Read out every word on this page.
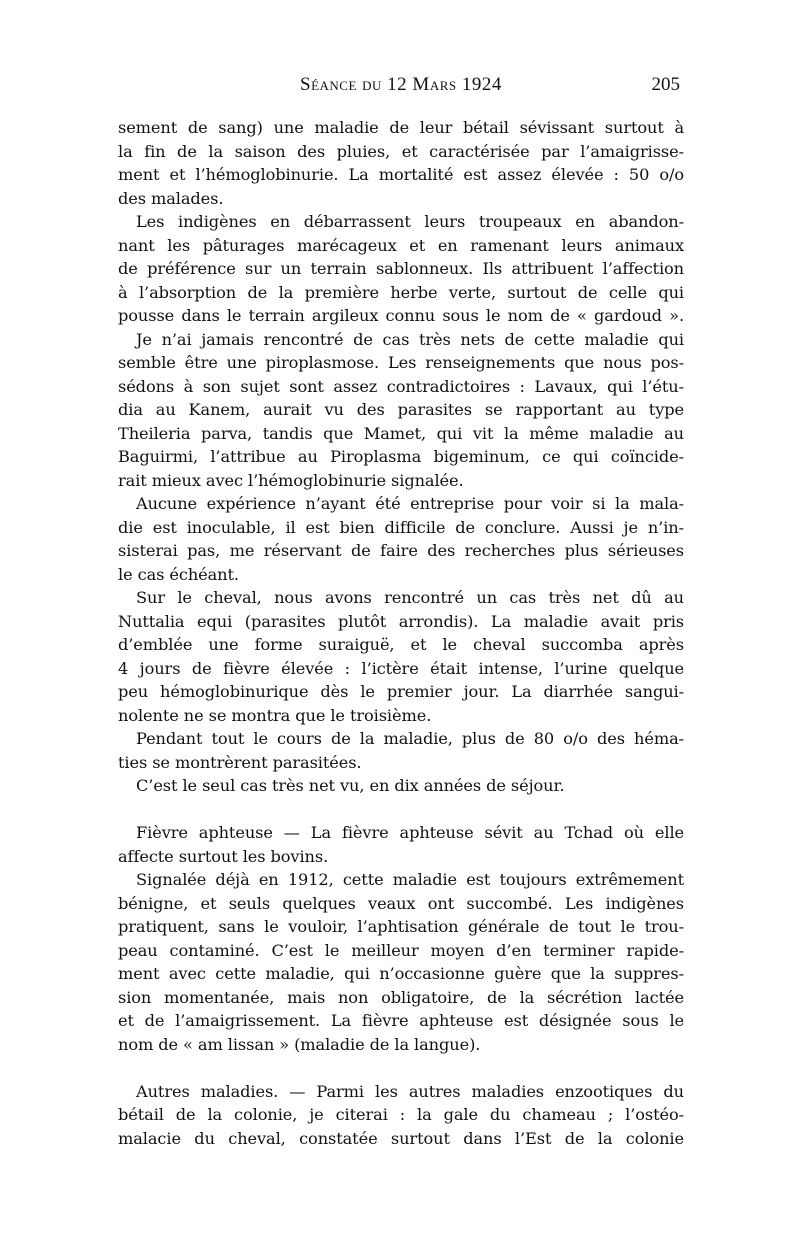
Séance du 12 Mars 1924	205
sement de sang) une maladie de leur bétail sévissant surtout à
la fin de la saison des pluies, et caractérisée par l’amaigrisse-
ment et l’hémoglobinurie. La mortalité est assez élevée : 50 o/o
des malades.
Les indigènes en débarrassent leurs troupeaux en abandon-
nant les pâturages marécageux et en ramenant leurs animaux
de préférence sur un terrain sablonneux. Ils attribuent l’affection
à l’absorption de la première herbe verte, surtout de celle qui
pousse dans le terrain argileux connu sous le nom de « gardoud ».
Je n’ai jamais rencontré de cas très nets de cette maladie qui
semble être une piroplasmose. Les renseignements que nous pos-
sédons à son sujet sont assez contradictoires : Lavaux, qui l’étu-
dia au Kanem, aurait vu des parasites se rapportant au type
Theileria parva, tandis que Mamet, qui vit la même maladie au
Baguirmi, l’attribue au Piroplasma bigeminum, ce qui coïncide-
rait mieux avec l’hémoglobinurie signalée.
Aucune expérience n’ayant été entreprise pour voir si la mala-
die est inoculable, il est bien difficile de conclure. Aussi je n’in-
sisterai pas, me réservant de faire des recherches plus sérieuses
le cas échéant.
Sur le cheval, nous avons rencontré un cas très net dû au
Nuttalia equi (parasites plutôt arrondis). La maladie avait pris
d’emblée une forme suraiguë, et le cheval succomba après
4 jours de fièvre élevée : l’ictère était intense, l’urine quelque
peu hémoglobinurique dès le premier jour. La diarrhée sangui-
nolente ne se montra que le troisième.
Pendant tout le cours de la maladie, plus de 80 o/o des héma-
ties se montrèrent parasitées.
C’est le seul cas très net vu, en dix années de séjour.
Fièvre aphteuse — La fièvre aphteuse sévit au Tchad où elle
affecte surtout les bovins.
Signalée déjà en 1912, cette maladie est toujours extrêmement
bénigne, et seuls quelques veaux ont succombé. Les indigènes
pratiquent, sans le vouloir, l’aphtisation générale de tout le trou-
peau contaminé. C’est le meilleur moyen d’en terminer rapide-
ment avec cette maladie, qui n’occasionne guère que la suppres-
sion momentanée, mais non obligatoire, de la sécrétion lactée
et de l’amaigrissement. La fièvre aphteuse est désignée sous le
nom de « am lissan » (maladie de la langue).
Autres maladies. — Parmi les autres maladies enzootiques du
bétail de la colonie, je citerai : la gale du chameau ; l’ostéo-
malacie du cheval, constatée surtout dans l’Est de la colonie
